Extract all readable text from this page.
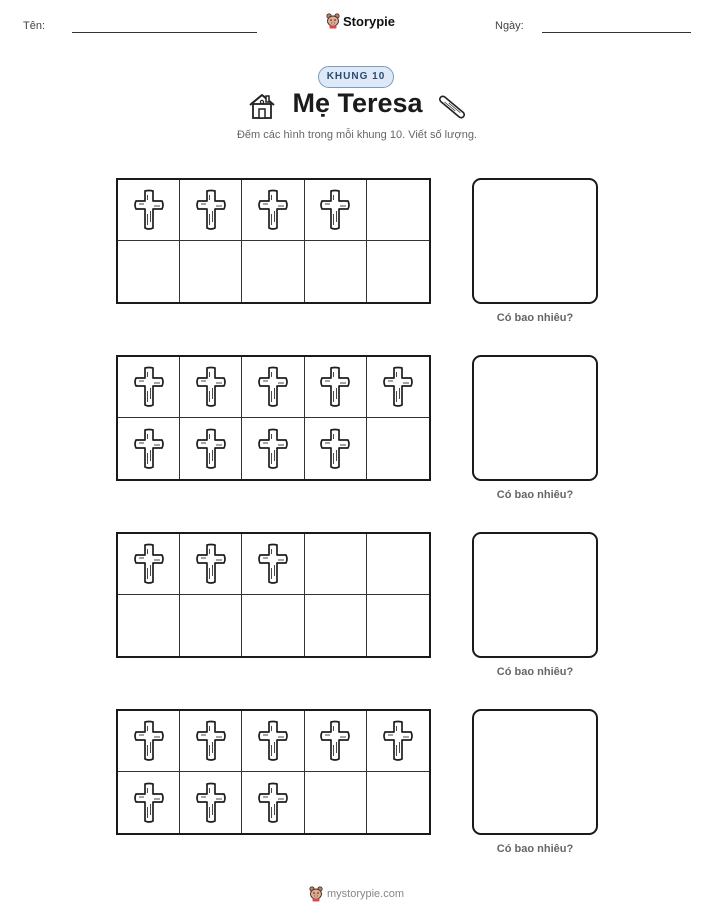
Tên:	Storypie	Ngày:
KHUNG 10
Mẹ Teresa
Đếm các hình trong mỗi khung 10. Viết số lượng.
Có bao nhiêu?
Có bao nhiêu?
Có bao nhiêu?
Có bao nhiêu?
mystorypie.com
